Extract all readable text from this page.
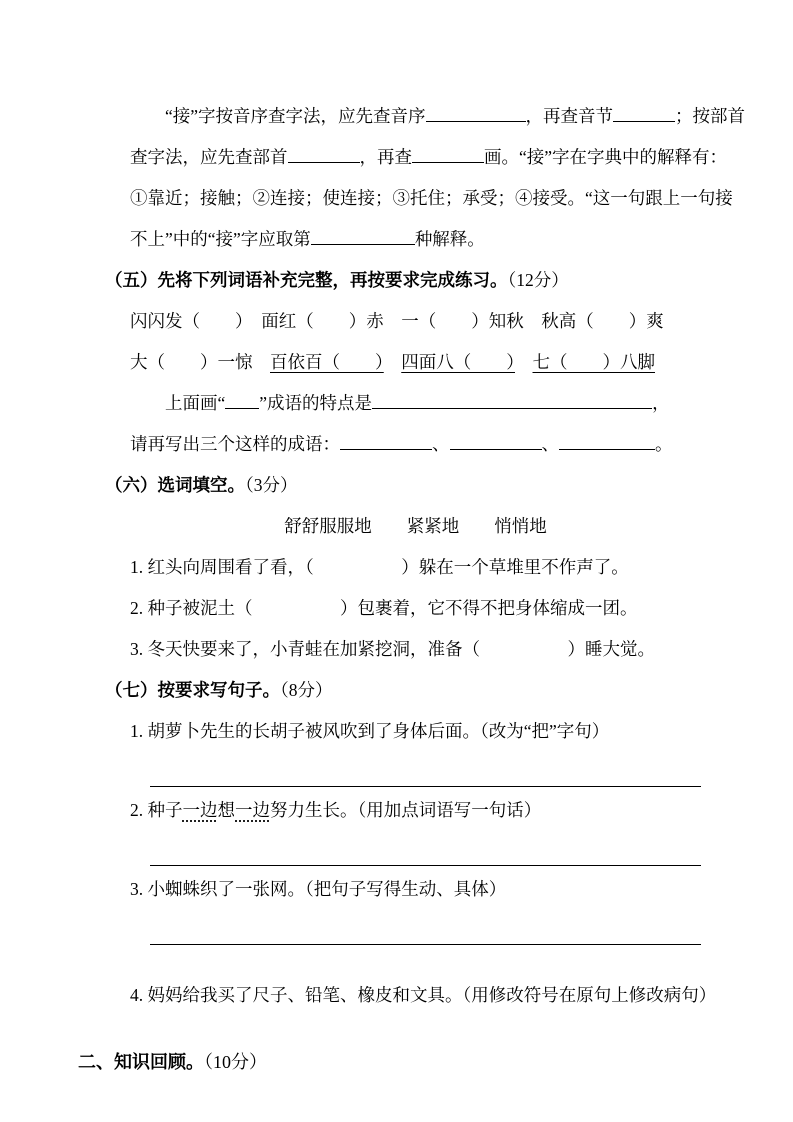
“接”字按音序查字法，应先查音序	，再查音节	；按部首
查字法，应先查部首	，再查	画。“接”字在字典中的解释有：
①靠近；接触；②连接；使连接；③托住；承受；④接受。“这一句跟上一句接
不上”中的“接”字应取第	种解释。
（五）先将下列词语补充完整，再按要求完成练习。（12分）
闪闪发（　　）　面红（　　）赤　一（　　）知秋　秋高（　　）爽
大（　　）一惊　百依百（　　）　 四面八（　　）　 七（　　）八脚
上面画“ ”成语的特点是	，
请再写出三个这样的成语：	、	、	。
（六）选词填空。（3分）
舒舒服服地　　紧紧地　　悄悄地
1. 红头向周围看了看，（　　　　　）躲在一个草堆里不作声了。
2. 种子被泥土（　　　　　）包裹着，它不得不把身体缩成一团。
3. 冬天快要来了，小青蛙在加紧挖洞，准备（　　　　　）睡大觉。
（七）按要求写句子。（8分）
1. 胡萝卜先生的长胡子被风吹到了身体后面。（改为“把”字句）
2. 种子一边想一边努力生长。（用加点词语写一句话）
3. 小蜘蛛织了一张网。（把句子写得生动、具体）
4. 妈妈给我买了尺子、铅笔、橡皮和文具。（用修改符号在原句上修改病句）
二、知识回顾。（10分）
